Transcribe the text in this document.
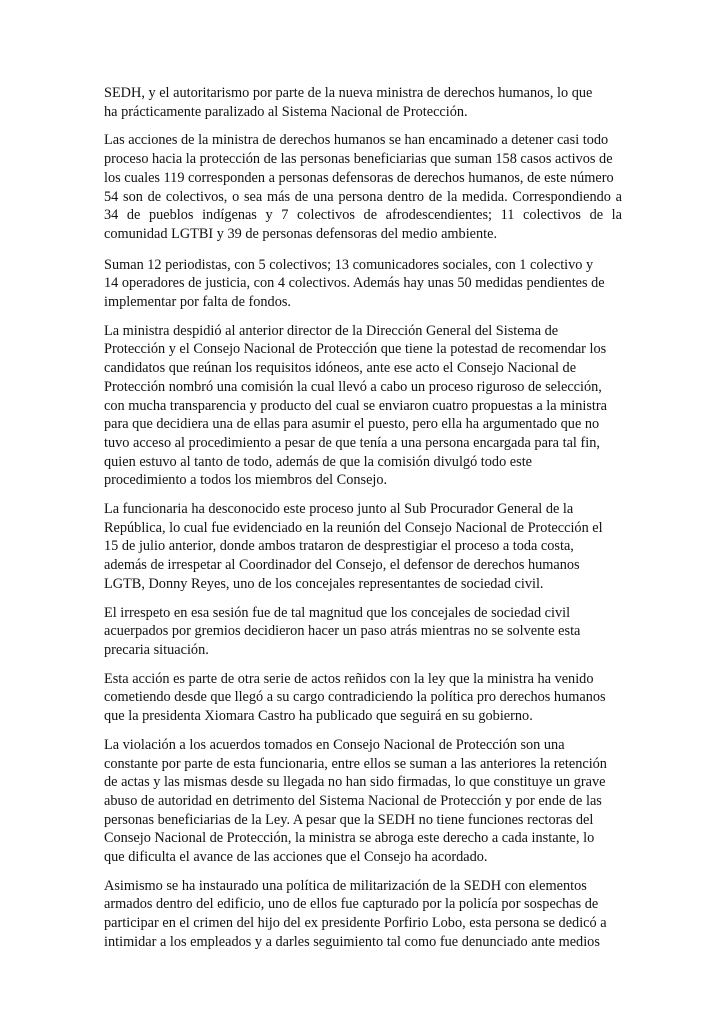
SEDH, y el autoritarismo por parte de la nueva ministra de derechos humanos, lo que
ha prácticamente paralizado al Sistema Nacional de Protección.

Las acciones de la ministra de derechos humanos se han encaminado a detener casi todo
proceso hacia la protección de las personas beneficiarias que suman 158 casos activos de
los cuales 119 corresponden a personas defensoras de derechos humanos, de este número
54 son de colectivos, o sea más de una persona dentro de la medida. Correspondiendo a
34 de pueblos indígenas y 7 colectivos de afrodescendientes; 11 colectivos de la
comunidad LGTBI y 39 de personas defensoras del medio ambiente.

Suman 12 periodistas, con 5 colectivos; 13 comunicadores sociales, con 1 colectivo y
14 operadores de justicia, con 4 colectivos. Además hay unas 50 medidas pendientes de
implementar por falta de fondos.

La ministra despidió al anterior director de la Dirección General del Sistema de
Protección y el Consejo Nacional de Protección que tiene la potestad de recomendar los
candidatos que reúnan los requisitos idóneos, ante ese acto el Consejo Nacional de
Protección nombró una comisión la cual llevó a cabo un proceso riguroso de selección,
con mucha transparencia y producto del cual se enviaron cuatro propuestas a la ministra
para que decidiera una de ellas para asumir el puesto, pero ella ha argumentado que no
tuvo acceso al procedimiento a pesar de que tenía a una persona encargada para tal fin,
quien estuvo al tanto de todo, además de que la comisión divulgó todo este
procedimiento a todos los miembros del Consejo.

La funcionaria ha desconocido este proceso junto al Sub Procurador General de la
República, lo cual fue evidenciado en la reunión del Consejo Nacional de Protección el
15 de julio anterior, donde ambos trataron de desprestigiar el proceso a toda costa,
además de irrespetar al Coordinador del Consejo, el defensor de derechos humanos
LGTB, Donny Reyes, uno de los concejales representantes de sociedad civil.

El irrespeto en esa sesión fue de tal magnitud que los concejales de sociedad civil
acuerpados por gremios decidieron hacer un paso atrás mientras no se solvente esta
precaria situación.

Esta acción es parte de otra serie de actos reñidos con la ley que la ministra ha venido
cometiendo desde que llegó a su cargo contradiciendo la política pro derechos humanos
que la presidenta Xiomara Castro ha publicado que seguirá en su gobierno.

La violación a los acuerdos tomados en Consejo Nacional de Protección son una
constante por parte de esta funcionaria, entre ellos se suman a las anteriores la retención
de actas y las mismas desde su llegada no han sido firmadas, lo que constituye un grave
abuso de autoridad en detrimento del Sistema Nacional de Protección y por ende de las
personas beneficiarias de la Ley. A pesar que la SEDH no tiene funciones rectoras del
Consejo Nacional de Protección, la ministra se abroga este derecho a cada instante, lo
que dificulta el avance de las acciones que el Consejo ha acordado.

Asimismo se ha instaurado una política de militarización de la SEDH con elementos
armados dentro del edificio, uno de ellos fue capturado por la policía por sospechas de
participar en el crimen del hijo del ex presidente Porfirio Lobo, esta persona se dedicó a
intimidar a los empleados y a darles seguimiento tal como fue denunciado ante medios
